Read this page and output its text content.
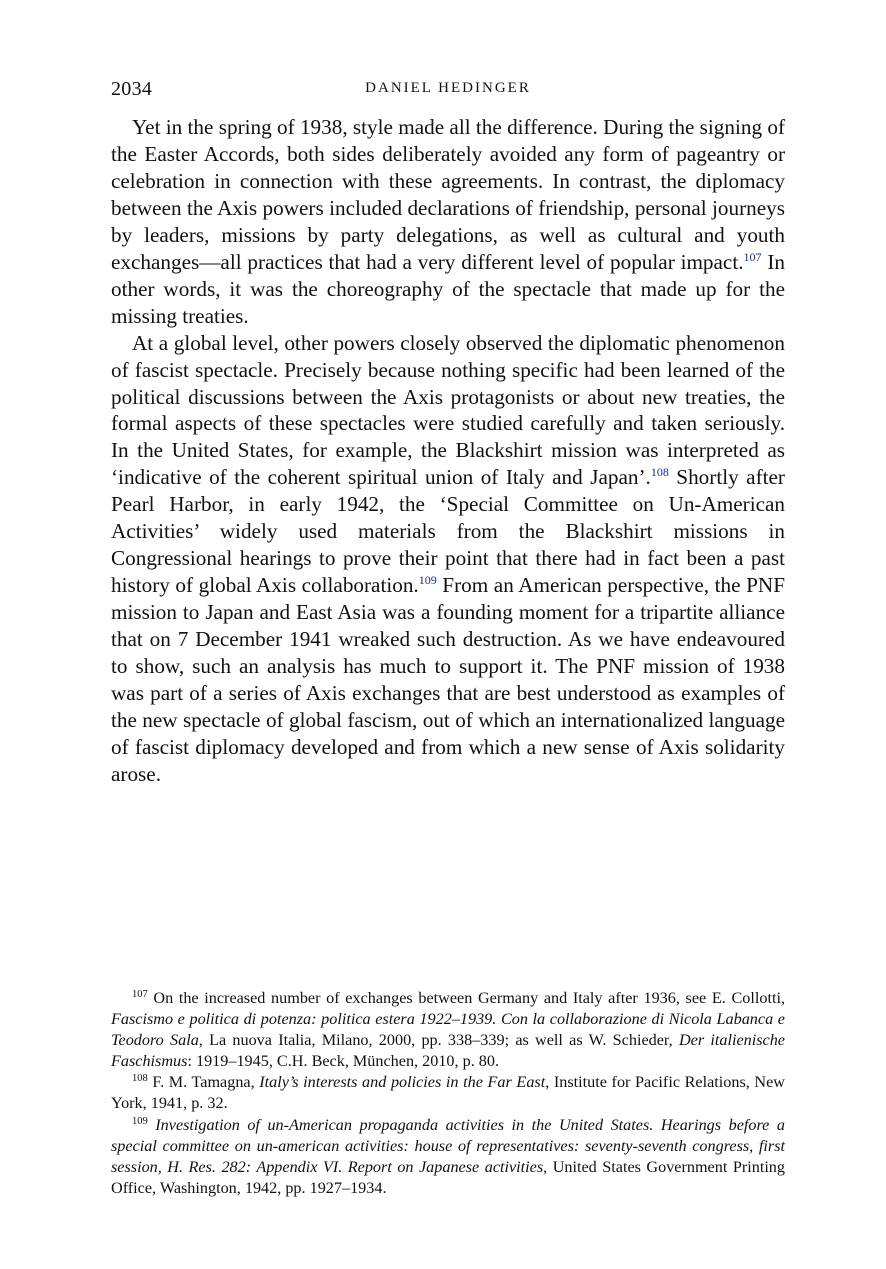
2034	DANIEL HEDINGER

Yet in the spring of 1938, style made all the difference. During the signing of the Easter Accords, both sides deliberately avoided any form of pageantry or celebration in connection with these agreements. In contrast, the diplomacy between the Axis powers included declarations of friendship, personal journeys by leaders, missions by party delegations, as well as cultural and youth exchanges—all practices that had a very different level of popular impact.$^{107}$ In other words, it was the choreography of the spectacle that made up for the missing treaties.

At a global level, other powers closely observed the diplomatic phenomenon of fascist spectacle. Precisely because nothing specific had been learned of the political discussions between the Axis protagonists or about new treaties, the formal aspects of these spectacles were studied carefully and taken seriously. In the United States, for example, the Blackshirt mission was interpreted as ‘indicative of the coherent spiritual union of Italy and Japan’.$^{108}$ Shortly after Pearl Harbor, in early 1942, the ‘Special Committee on Un-American Activities’ widely used materials from the Blackshirt missions in Congressional hearings to prove their point that there had in fact been a past history of global Axis collaboration.$^{109}$ From an American perspective, the PNF mission to Japan and East Asia was a founding moment for a tripartite alliance that on 7 December 1941 wreaked such destruction. As we have endeavoured to show, such an analysis has much to support it. The PNF mission of 1938 was part of a series of Axis exchanges that are best understood as examples of the new spectacle of global fascism, out of which an internationalized language of fascist diplomacy developed and from which a new sense of Axis solidarity arose.

$^{107}$ On the increased number of exchanges between Germany and Italy after 1936, see E. Collotti, Fascismo e politica di potenza: politica estera 1922–1939. Con la collaborazione di Nicola Labanca e Teodoro Sala, La nuova Italia, Milano, 2000, pp. 338–339; as well as W. Schieder, Der italienische Faschismus: 1919–1945, C.H. Beck, München, 2010, p. 80.

$^{108}$ F. M. Tamagna, Italy’s interests and policies in the Far East, Institute for Pacific Relations, New York, 1941, p. 32.

$^{109}$ Investigation of un-American propaganda activities in the United States. Hearings before a special committee on un-american activities: house of representatives: seventy-seventh congress, first session, H. Res. 282: Appendix VI. Report on Japanese activities, United States Government Printing Office, Washington, 1942, pp. 1927–1934.
